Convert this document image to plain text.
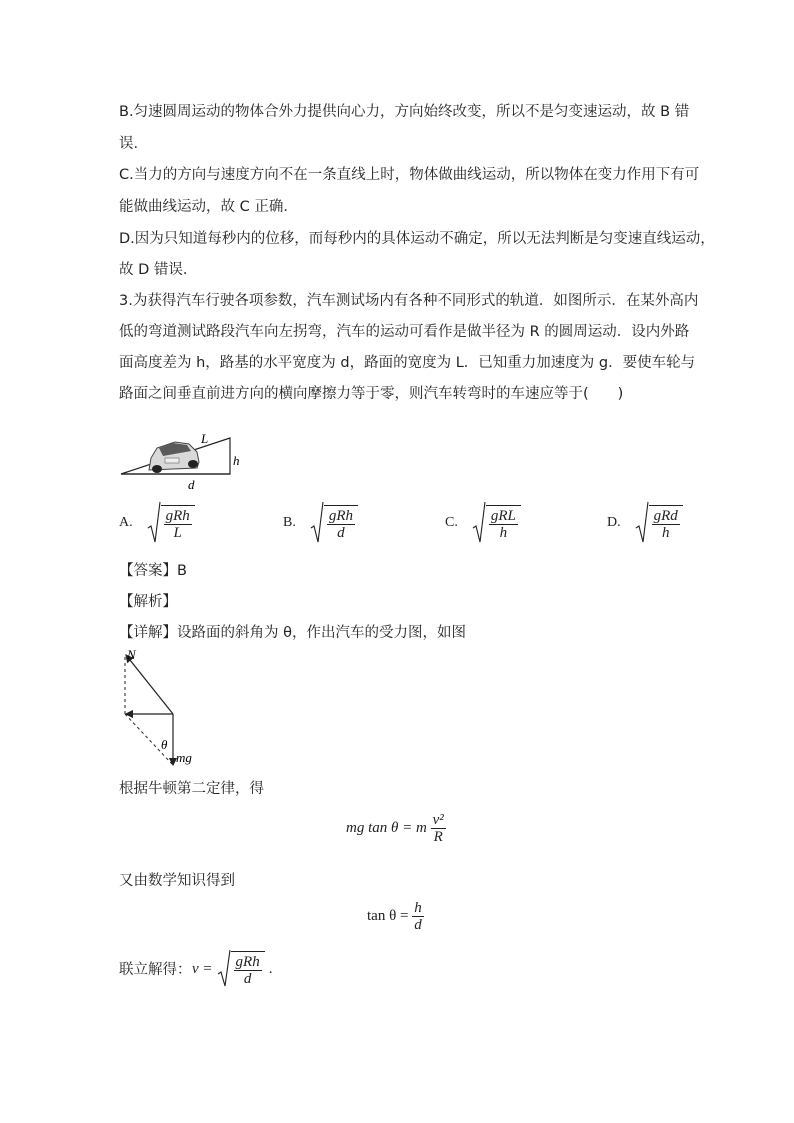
B.匀速圆周运动的物体合外力提供向心力，方向始终改变，所以不是匀变速运动，故 B 错
误．
C.当力的方向与速度方向不在一条直线上时，物体做曲线运动，所以物体在变力作用下有可
能做曲线运动，故 C 正确．
D.因为只知道每秒内的位移，而每秒内的具体运动不确定，所以无法判断是匀变速直线运动，
故 D 错误．
3.为获得汽车行驶各项参数，汽车测试场内有各种不同形式的轨道．如图所示．在某外高内
低的弯道测试路段汽车向左拐弯，汽车的运动可看作是做半径为 R 的圆周运动．设内外路
面高度差为 h，路基的水平宽度为 d，路面的宽度为 L．已知重力加速度为 g．要使车轮与
路面之间垂直前进方向的横向摩擦力等于零，则汽车转弯时的车速应等于(　　)
L
h
d
A. $\frac{\text{gRh}}{L}$	B. $\frac{\text{gRh}}{d}$	C. $\frac{\text{gRL}}{h}$	D. $\frac{\text{gRd}}{h}$
【答案】B
【解析】
【详解】设路面的斜角为 θ，作出汽车的受力图，如图
N
θ
mg
根据牛顿第二定律，得
mg tan θ = m $\frac{\text{v²}}{R}$
又由数学知识得到
$\tan \theta = \frac{h}{d}$
联立解得： $v = \frac{\text{gRh}}{d}$ .
